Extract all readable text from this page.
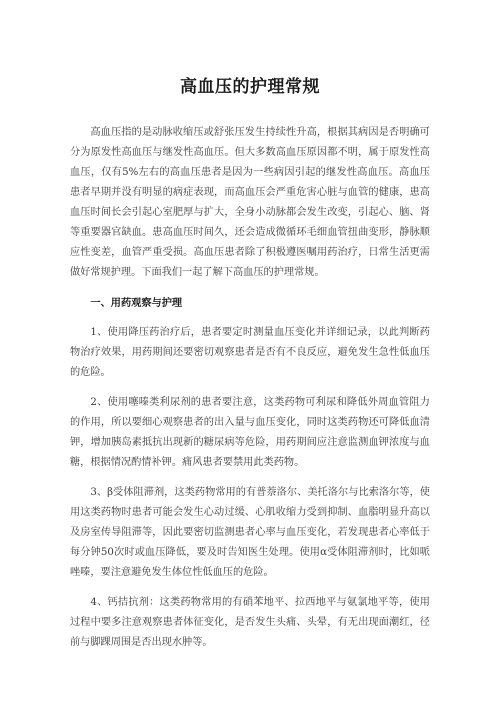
高血压的护理常规

高血压指的是动脉收缩压或舒张压发生持续性升高，根据其病因是否明确可分为原发性高血压与继发性高血压。但大多数高血压原因都不明，属于原发性高血压，仅有5%左右的高血压患者是因为一些病因引起的继发性高血压。高血压患者早期并没有明显的病症表现，而高血压会严重危害心脏与血管的健康，患高血压时间长会引起心室肥厚与扩大，全身小动脉都会发生改变，引起心、脑、肾等重要器官缺血。患高血压时间久，还会造成微循环毛细血管扭曲变形，静脉顺应性变差，血管严重受损。高血压患者除了积极遵医嘱用药治疗，日常生活更需做好常规护理。下面我们一起了解下高血压的护理常规。

一、用药观察与护理

1、使用降压药治疗后，患者要定时测量血压变化并详细记录，以此判断药物治疗效果，用药期间还要密切观察患者是否有不良反应，避免发生急性低血压的危险。

2、使用噻嗪类利尿剂的患者要注意，这类药物可利尿和降低外周血管阻力的作用，所以要细心观察患者的出入量与血压变化，同时这类药物还可降低血清钾，增加胰岛素抵抗出现新的糖尿病等危险，用药期间应注意监测血钾浓度与血糖，根据情况酌情补钾。痛风患者要禁用此类药物。

3、β受体阻滞剂，这类药物常用的有普萘洛尔、美托洛尔与比索洛尔等，使用这类药物时患者可能会发生心动过缓、心肌收缩力受到抑制、血脂明显升高以及房室传导阻滞等，因此要密切监测患者心率与血压变化，若发现患者心率低于每分钟50次时或血压降低，要及时告知医生处理。使用α受体阻滞剂时，比如哌唑嗪，要注意避免发生体位性低血压的危险。

4、钙拮抗剂：这类药物常用的有硝苯地平、拉西地平与氨氯地平等，使用过程中要多注意观察患者体征变化，是否发生头痛、头晕，有无出现面潮红，径前与脚踝周围是否出现水肿等。
